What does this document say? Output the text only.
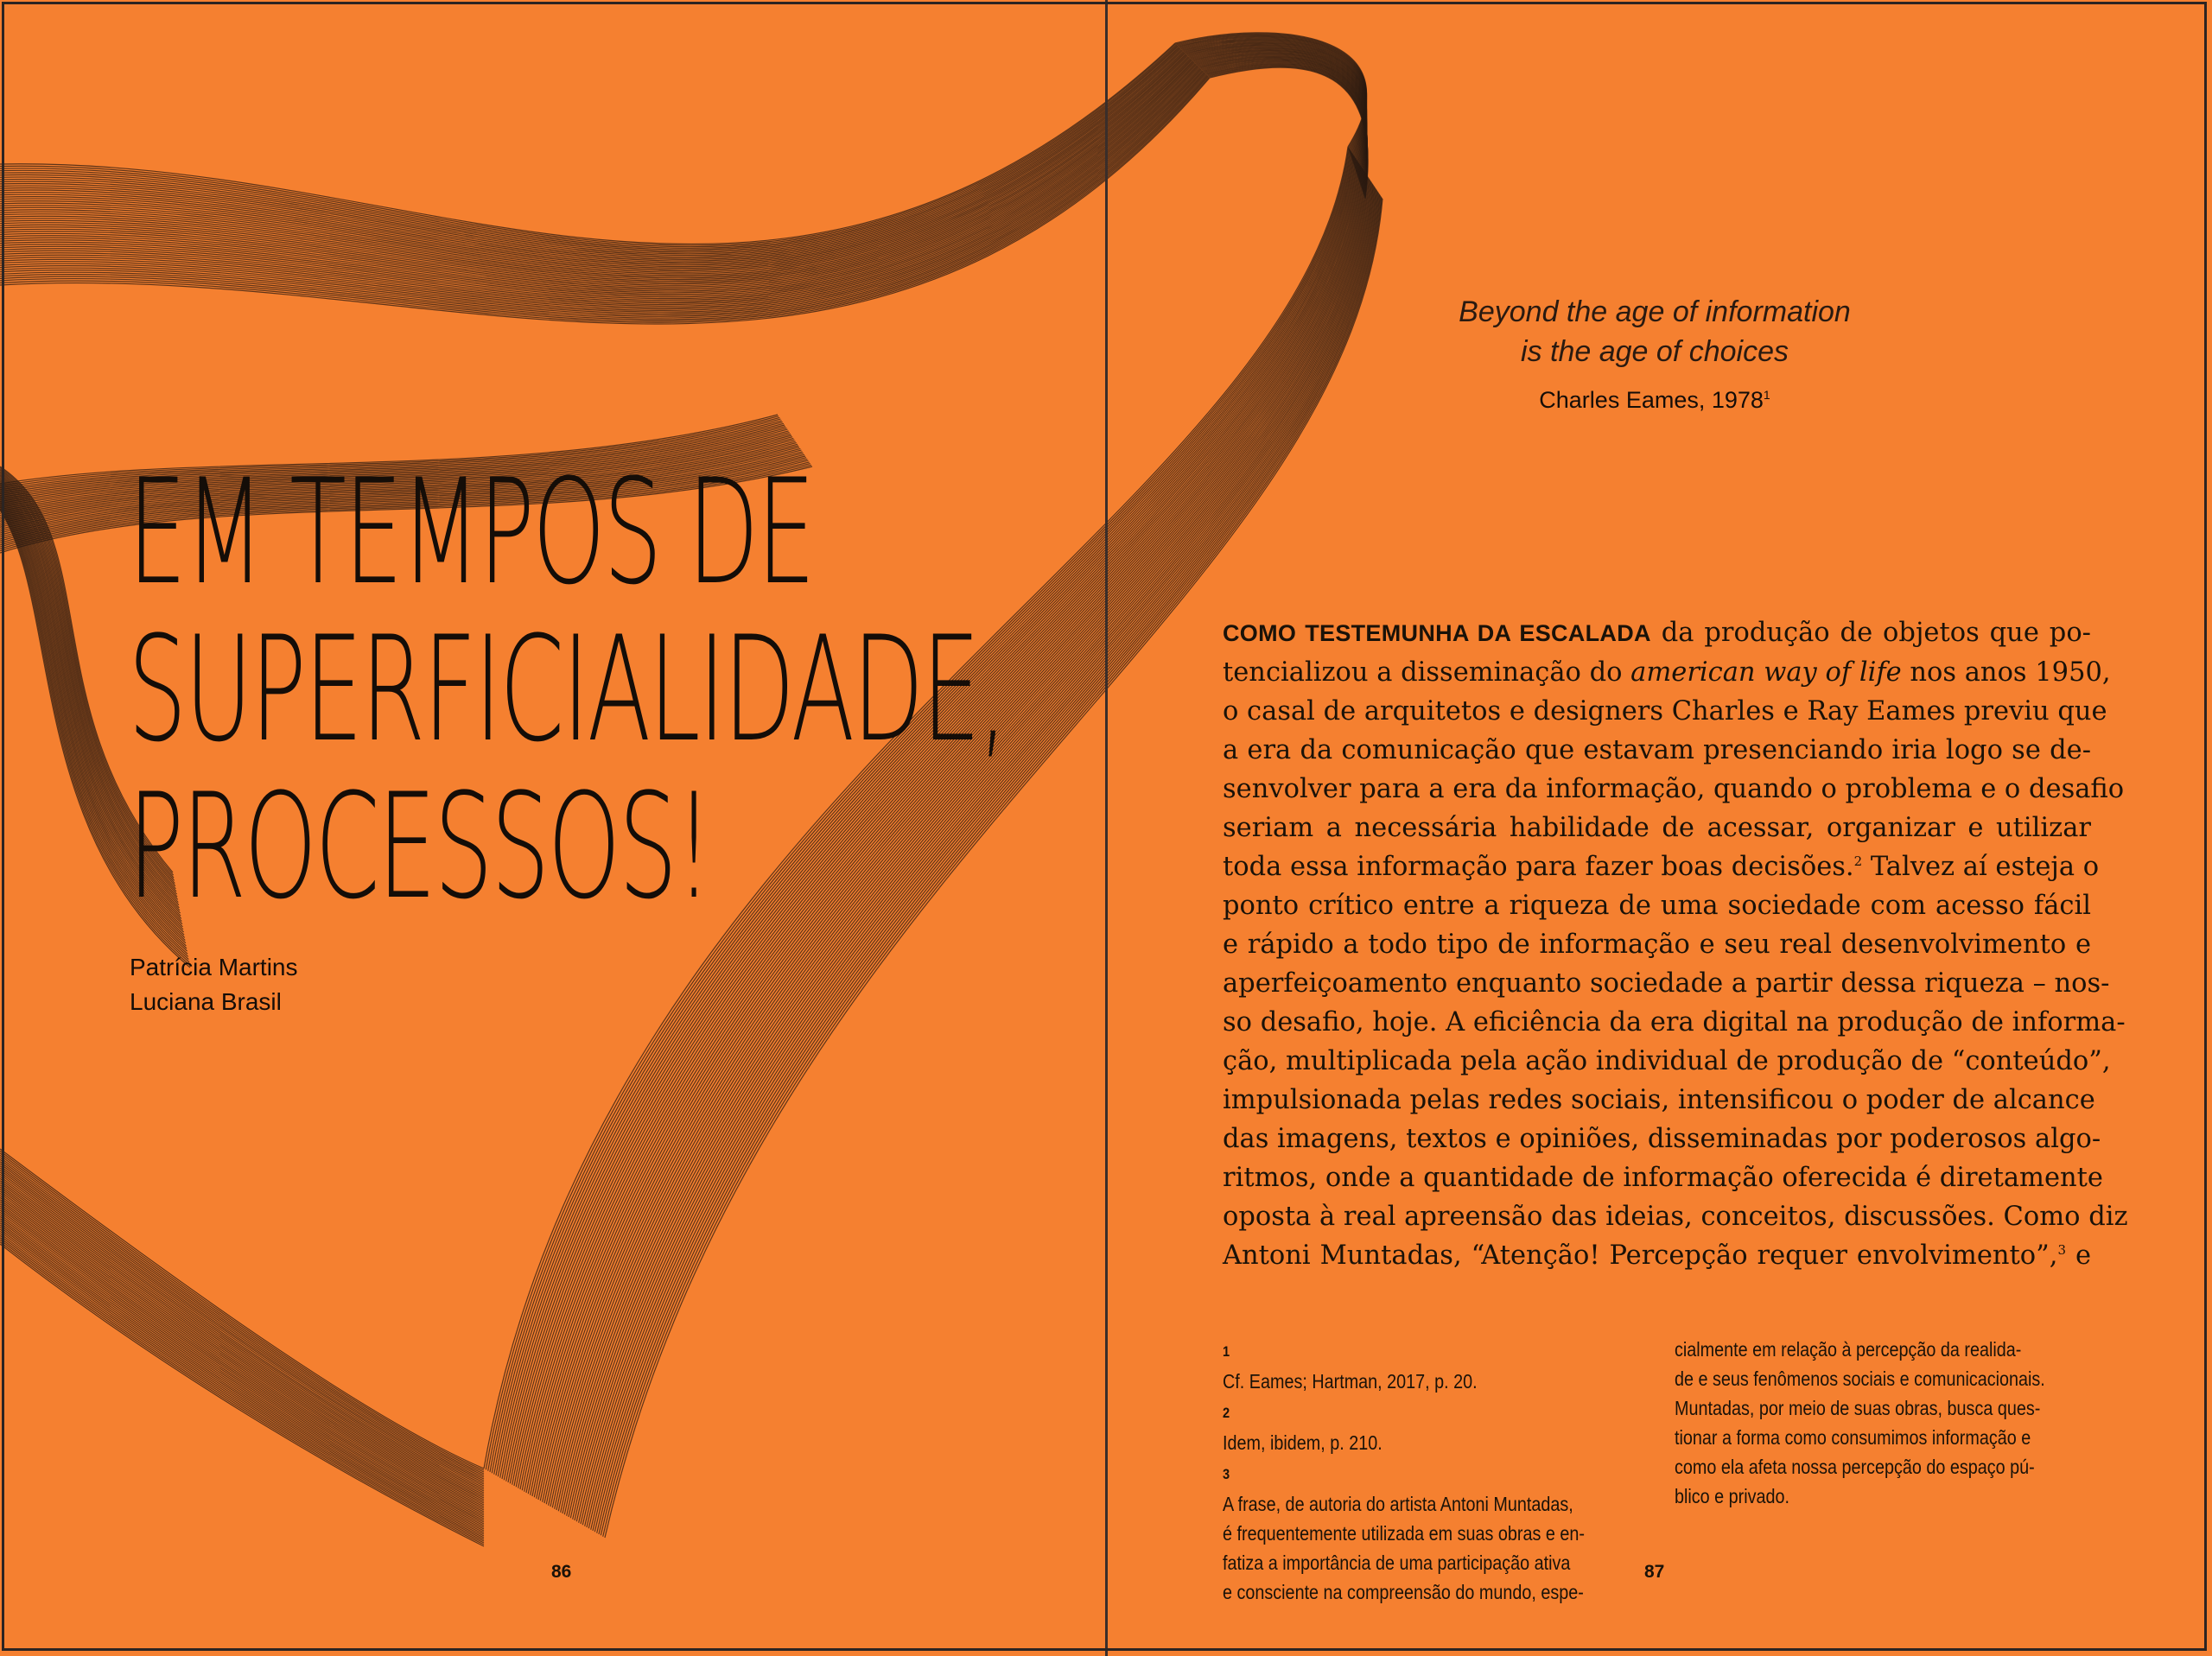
EM TEMPOS DE
SUPERFICIALIDADE,
PROCESSOS!
Patrícia Martins
Luciana Brasil
86
Beyond the age of information
is the age of choices
Charles Eames, 1978$^1$
COMO TESTEMUNHA DA ESCALADA da produção de objetos que po-
tencializou a disseminação do american way of life nos anos 1950,
o casal de arquitetos e designers Charles e Ray Eames previu que
a era da comunicação que estavam presenciando iria logo se de-
senvolver para a era da informação, quando o problema e o desafio
seriam a necessária habilidade de acessar, organizar e utilizar
toda essa informação para fazer boas decisões.$^2$ Talvez aí esteja o
ponto crítico entre a riqueza de uma sociedade com acesso fácil
e rápido a todo tipo de informação e seu real desenvolvimento e
aperfeiçoamento enquanto sociedade a partir dessa riqueza – nos-
so desafio, hoje. A eficiência da era digital na produção de informa-
ção, multiplicada pela ação individual de produção de “conteúdo”,
impulsionada pelas redes sociais, intensificou o poder de alcance
das imagens, textos e opiniões, disseminadas por poderosos algo-
ritmos, onde a quantidade de informação oferecida é diretamente
oposta à real apreensão das ideias, conceitos, discussões. Como diz
Antoni Muntadas, “Atenção! Percepção requer envolvimento”,$^3$ e
1
Cf. Eames; Hartman, 2017, p. 20.
2
Idem, ibidem, p. 210.
3
A frase, de autoria do artista Antoni Muntadas,
é frequentemente utilizada em suas obras e en-
fatiza a importância de uma participação ativa
e consciente na compreensão do mundo, espe-
cialmente em relação à percepção da realida-
de e seus fenômenos sociais e comunicacionais.
Muntadas, por meio de suas obras, busca ques-
tionar a forma como consumimos informação e
como ela afeta nossa percepção do espaço pú-
blico e privado.
87
